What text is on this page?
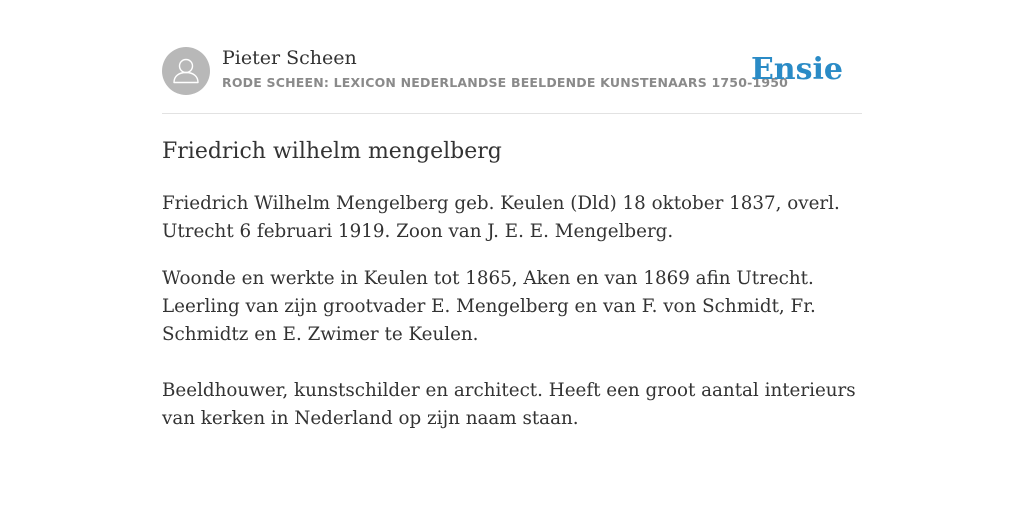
Pieter Scheen
RODE SCHEEN: LEXICON NEDERLANDSE BEELDENDE KUNSTENAARS 1750-1950
Ensie
Friedrich wilhelm mengelberg

Friedrich Wilhelm Mengelberg geb. Keulen (Dld) 18 oktober 1837, overl. Utrecht 6 februari 1919. Zoon van J. E. E. Mengelberg.

Woonde en werkte in Keulen tot 1865, Aken en van 1869 afin Utrecht. Leerling van zijn grootvader E. Mengelberg en van F. von Schmidt, Fr. Schmidtz en E. Zwimer te Keulen.

Beeldhouwer, kunstschilder en architect. Heeft een groot aantal interieurs van kerken in Nederland op zijn naam staan.
